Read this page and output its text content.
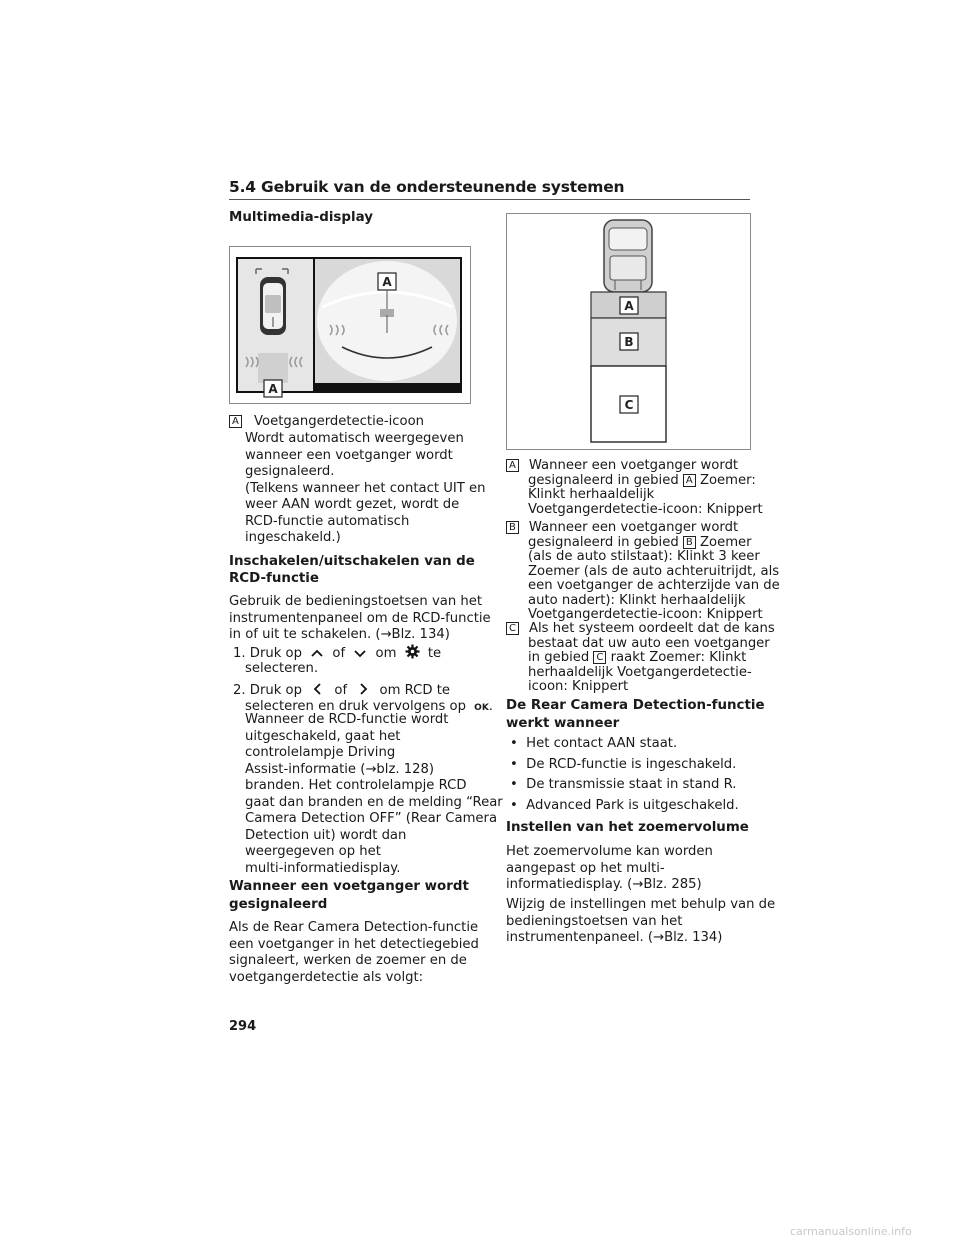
5.4 Gebruik van de ondersteunende systemen
Multimedia-display
A
A
A Voetgangerdetectie-icoon
Wordt automatisch weergegeven
wanneer een voetganger wordt
gesignaleerd.
(Telkens wanneer het contact UIT en
weer AAN wordt gezet, wordt de
RCD-functie automatisch
ingeschakeld.)
Inschakelen/uitschakelen van de
RCD-functie
Gebruik de bedieningstoetsen van het
instrumentenpaneel om de RCD-functie
in of uit te schakelen. (→Blz. 134)
1. Druk op of om te
selecteren.
2. Druk op of om RCD te
selecteren en druk vervolgens op OK.
Wanneer de RCD-functie wordt
uitgeschakeld, gaat het
controlelampje Driving
Assist-informatie (→blz. 128)
branden. Het controlelampje RCD
gaat dan branden en de melding “Rear
Camera Detection OFF” (Rear Camera
Detection uit) wordt dan
weergegeven op het
multi-informatiedisplay.
Wanneer een voetganger wordt
gesignaleerd
Als de Rear Camera Detection-functie
een voetganger in het detectiegebied
signaleert, werken de zoemer en de
voetgangerdetectie als volgt:
A
B
C
A Wanneer een voetganger wordt
gesignaleerd in gebied A Zoemer:
Klinkt herhaaldelijk
Voetgangerdetectie-icoon: Knippert
B Wanneer een voetganger wordt
gesignaleerd in gebied B Zoemer
(als de auto stilstaat): Klinkt 3 keer
Zoemer (als de auto achteruitrijdt, als
een voetganger de achterzijde van de
auto nadert): Klinkt herhaaldelijk
Voetgangerdetectie-icoon: Knippert
C Als het systeem oordeelt dat de kans
bestaat dat uw auto een voetganger
in gebied C raakt Zoemer: Klinkt
herhaaldelijk Voetgangerdetectie-
icoon: Knippert
De Rear Camera Detection-functie
werkt wanneer
•  Het contact AAN staat.
•  De RCD-functie is ingeschakeld.
•  De transmissie staat in stand R.
•  Advanced Park is uitgeschakeld.
Instellen van het zoemervolume
Het zoemervolume kan worden
aangepast op het multi-
informatiedisplay. (→Blz. 285)
Wijzig de instellingen met behulp van de
bedieningstoetsen van het
instrumentenpaneel. (→Blz. 134)
294
carmanualsonline.info
